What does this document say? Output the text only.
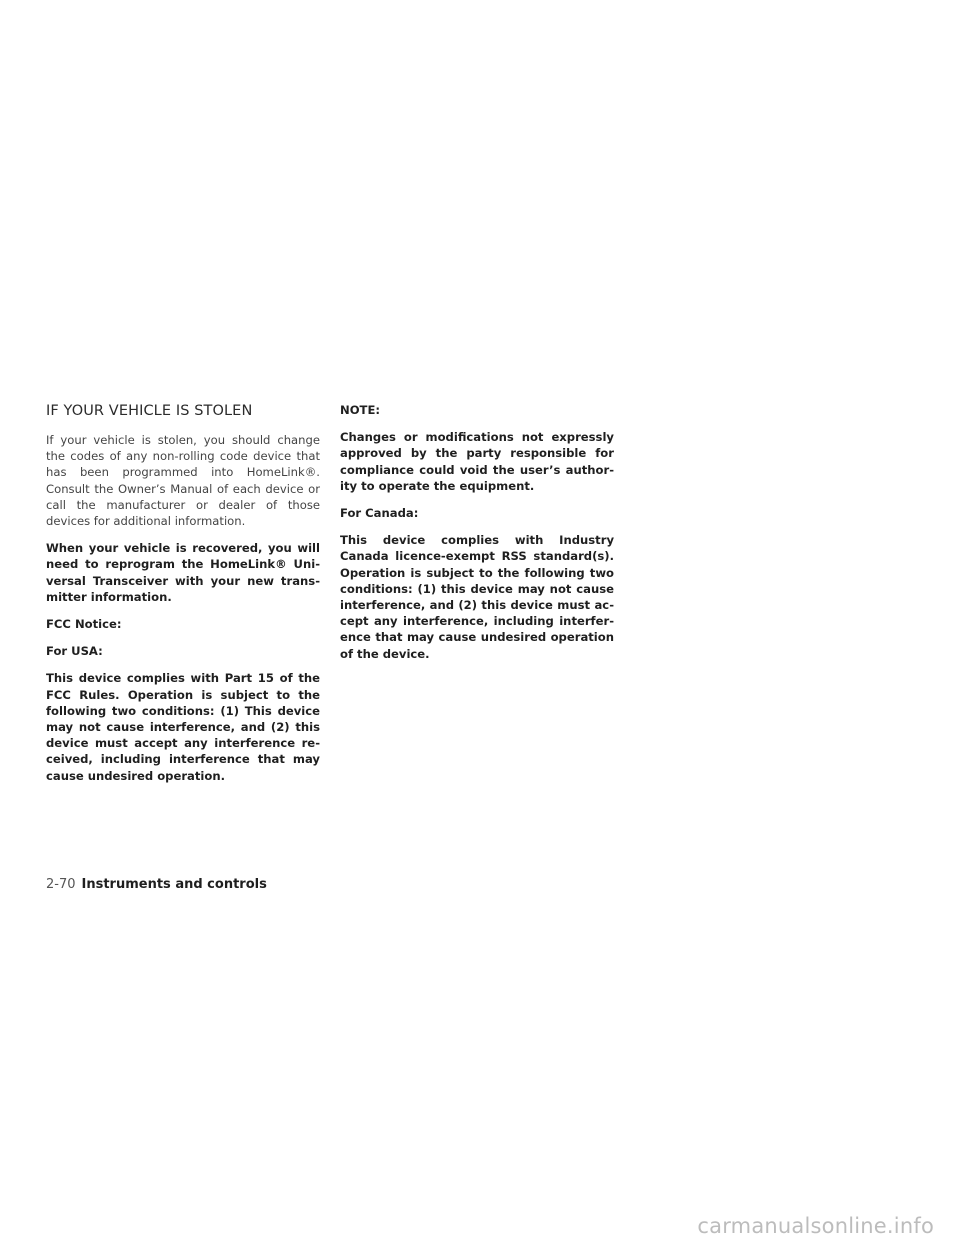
IF YOUR VEHICLE IS STOLEN

If your vehicle is stolen, you should change the codes of any non-rolling code device that has been programmed into HomeLink®. Consult the Owner’s Manual of each device or call the manufacturer or dealer of those devices for additional information.

When your vehicle is recovered, you will need to reprogram the HomeLink® Universal Transceiver with your new transmitter information.

FCC Notice:

For USA:

This device complies with Part 15 of the FCC Rules. Operation is subject to the following two conditions: (1) This device may not cause interference, and (2) this device must accept any interference received, including interference that may cause undesired operation.

NOTE:

Changes or modifications not expressly approved by the party responsible for compliance could void the user’s authority to operate the equipment.

For Canada:

This device complies with Industry Canada licence-exempt RSS standard(s). Operation is subject to the following two conditions: (1) this device may not cause interference, and (2) this device must accept any interference, including interference that may cause undesired operation of the device.

2-70 Instruments and controls
carmanualsonline.info
